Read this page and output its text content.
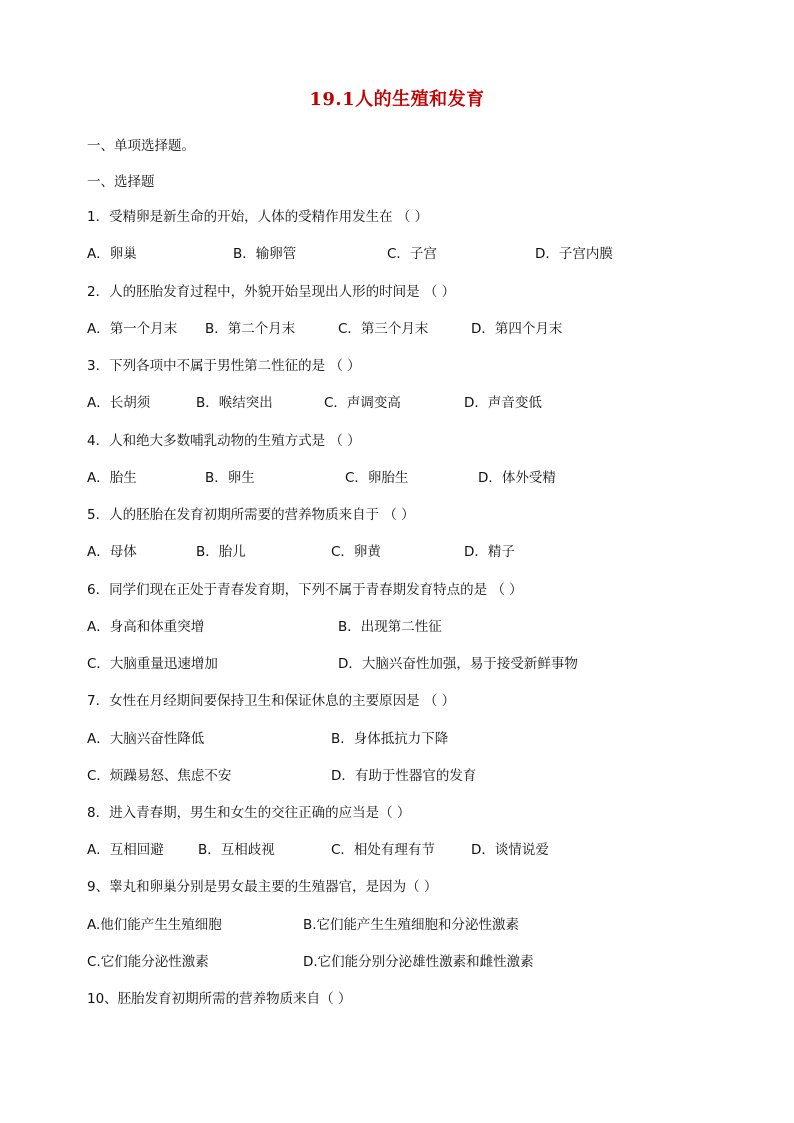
19.1人的生殖和发育
一、单项选择题。
一、选择题
1．受精卵是新生命的开始，人体的受精作用发生在 （ ）
A．卵巢	B．输卵管	C．子宫	D．子宫内膜
2．人的胚胎发育过程中，外貌开始呈现出人形的时间是 （ ）
A．第一个月末 B．第二个月末	C．第三个月末	D．第四个月末
3．下列各项中不属于男性第二性征的是 （ ）
A．长胡须	B．喉结突出	C．声调变高	D．声音变低
4．人和绝大多数哺乳动物的生殖方式是 （ ）
A．胎生	B．卵生	C．卵胎生	D．体外受精
5．人的胚胎在发育初期所需要的营养物质来自于 （ ）
A．母体	B．胎儿	C．卵黄	D．精子
6．同学们现在正处于青春发育期，下列不属于青春期发育特点的是 （ ）
A．身高和体重突增	B．出现第二性征
C．大脑重量迅速增加	D．大脑兴奋性加强，易于接受新鲜事物
7．女性在月经期间要保持卫生和保证休息的主要原因是 （ ）
A．大脑兴奋性降低	B．身体抵抗力下降
C．烦躁易怒、焦虑不安	D．有助于性器官的发育
8．进入青春期，男生和女生的交往正确的应当是（ ）
A．互相回避	B．互相歧视	C．相处有理有节	D．谈情说爱
9、睾丸和卵巢分别是男女最主要的生殖器官，是因为（ ）
A.他们能产生生殖细胞	B.它们能产生生殖细胞和分泌性激素
C.它们能分泌性激素	D.它们能分别分泌雄性激素和雌性激素
10、胚胎发育初期所需的营养物质来自（ ）
